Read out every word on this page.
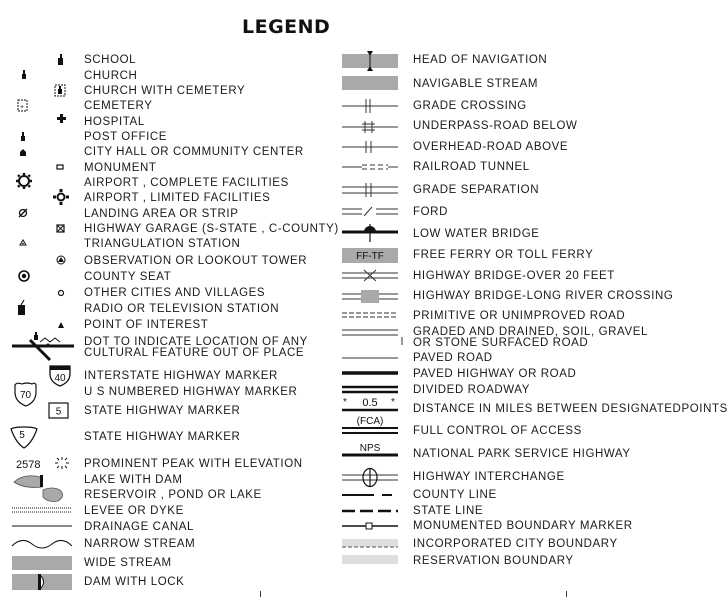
LEGEND
SCHOOL
CHURCH
CHURCH WITH CEMETERY
CEMETERY
HOSPITAL
POST OFFICE
CITY HALL OR COMMUNITY CENTER
MONUMENT
AIRPORT , COMPLETE FACILITIES
AIRPORT , LIMITED FACILITIES
LANDING AREA OR STRIP
HIGHWAY GARAGE (S-STATE , C-COUNTY)
TRIANGULATION STATION
OBSERVATION OR LOOKOUT TOWER
COUNTY SEAT
OTHER CITIES AND VILLAGES
RADIO OR TELEVISION STATION
POINT OF INTEREST
DOT TO INDICATE LOCATION OF ANY
CULTURAL FEATURE OUT OF PLACE
INTERSTATE HIGHWAY MARKER
U S NUMBERED HIGHWAY MARKER
STATE HIGHWAY MARKER
STATE HIGHWAY MARKER
PROMINENT PEAK WITH ELEVATION
LAKE WITH DAM
RESERVOIR , POND OR LAKE
LEVEE OR DYKE
DRAINAGE CANAL
NARROW STREAM
WIDE STREAM
DAM WITH LOCK
HEAD OF NAVIGATION
NAVIGABLE STREAM
GRADE CROSSING
UNDERPASS-ROAD BELOW
OVERHEAD-ROAD ABOVE
RAILROAD TUNNEL
GRADE SEPARATION
FORD
LOW WATER BRIDGE
FREE FERRY OR TOLL FERRY
HIGHWAY BRIDGE-OVER 20 FEET
HIGHWAY BRIDGE-LONG RIVER CROSSING
PRIMITIVE OR UNIMPROVED ROAD
GRADED AND DRAINED, SOIL, GRAVEL
OR STONE SURFACED ROAD
PAVED ROAD
PAVED HIGHWAY OR ROAD
DIVIDED ROADWAY
DISTANCE IN MILES BETWEEN DESIGNATEDPOINTS
FULL CONTROL OF ACCESS
NATIONAL PARK SERVICE HIGHWAY
HIGHWAY INTERCHANGE
COUNTY LINE
STATE LINE
MONUMENTED BOUNDARY MARKER
INCORPORATED CITY BOUNDARY
RESERVATION BOUNDARY
+
40
70
5
5
2578
FF-TF
* 0.5 *
(FCA)
NPS
